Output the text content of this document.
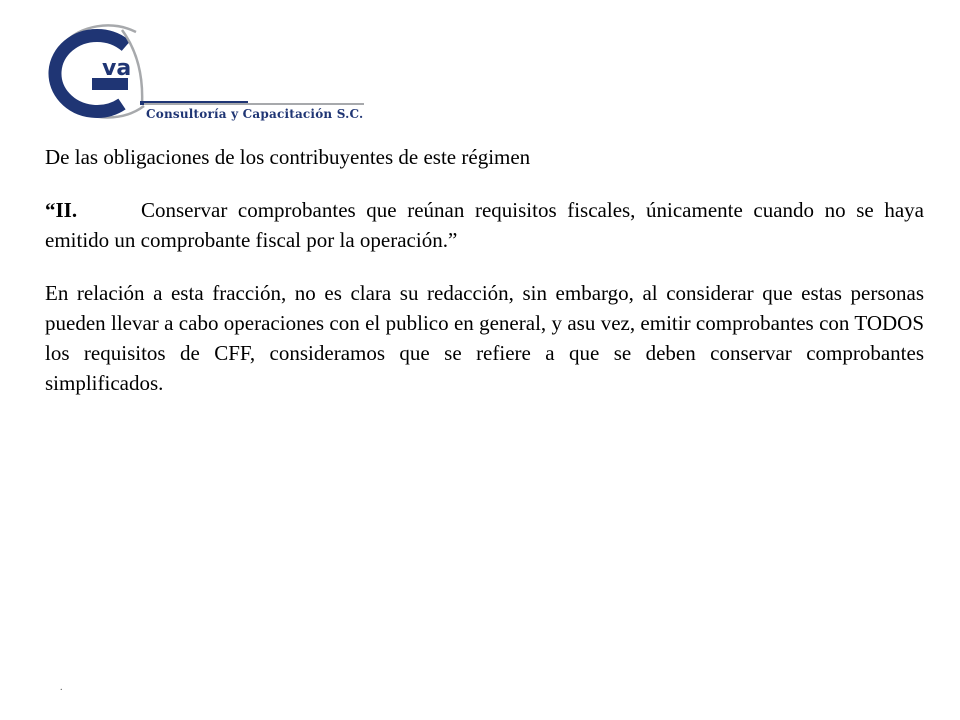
va
Consultoría y Capacitación S.C.

De las obligaciones de los contribuyentes de este régimen

“II.	Conservar comprobantes que reúnan requisitos fiscales, únicamente cuando no se haya emitido un comprobante fiscal por la operación.”

En relación a esta fracción, no es clara su redacción, sin embargo, al considerar que estas personas pueden llevar a cabo operaciones con el publico en general, y asu vez, emitir comprobantes con TODOS los requisitos de CFF, consideramos que se refiere a que se deben conservar comprobantes simplificados.

.
